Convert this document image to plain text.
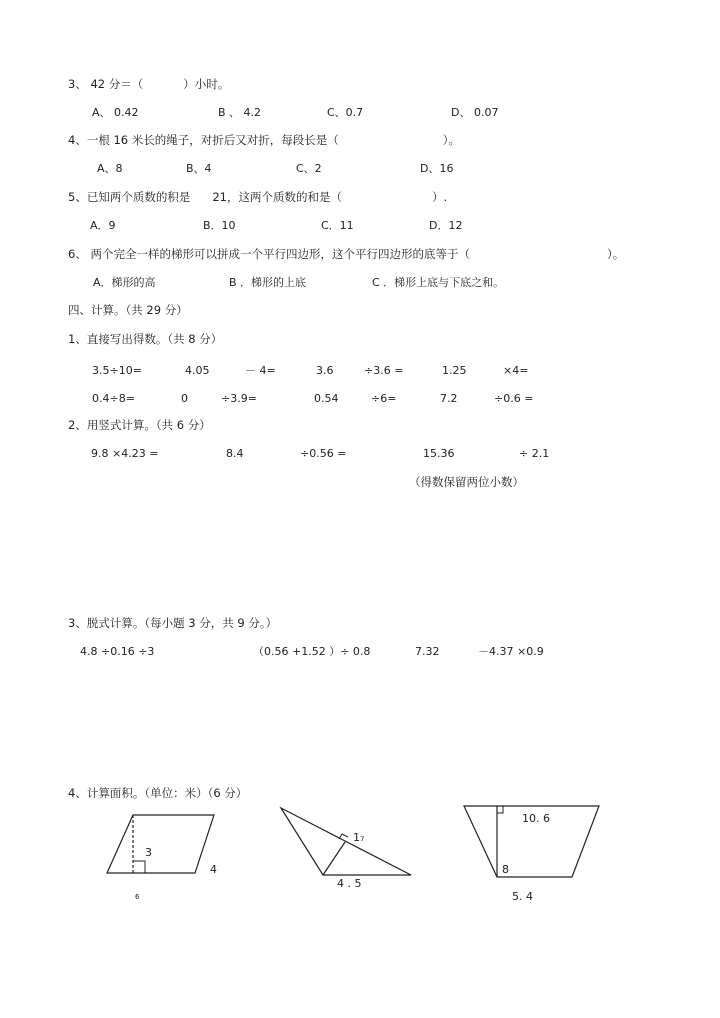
3、 42 分＝（	）小时。
A、 0.42	B 、 4.2	C、0.7	D、 0.07
4、一根 16 米长的绳子，对折后又对折，每段长是（	）。
A、8	B、4	C、2	D、16
5、已知两个质数的积是 21，这两个质数的和是（	）.
A．9	B．10	C．11	D．12
6、 两个完全一样的梯形可以拼成一个平行四边形，这个平行四边形的底等于（	）。
A．梯形的高	B ．梯形的上底	C ．梯形上底与下底之和。
四、计算。（共 29 分）
1、直接写出得数。（共 8 分）
3.5÷10=	4.05	－ 4=	3.6	÷3.6 =	1.25	×4=
0.4÷8=	0	÷3.9=	0.54	÷6=	7.2	÷0.6 =
2、用竖式计算。（共 6 分）
9.8 ×4.23 =	8.4	÷0.56 =	15.36	÷ 2.1
（得数保留两位小数）
3、脱式计算。（每小题 3 分，共 9 分。）
4.8 ÷0.16 ÷3	（0.56 +1.52 ）÷ 0.8	7.32	－4.37 ×0.9
4、计算面积。（单位：米）（6 分）
3
4
6
1₇
4 . 5
10. 6
8
5. 4
